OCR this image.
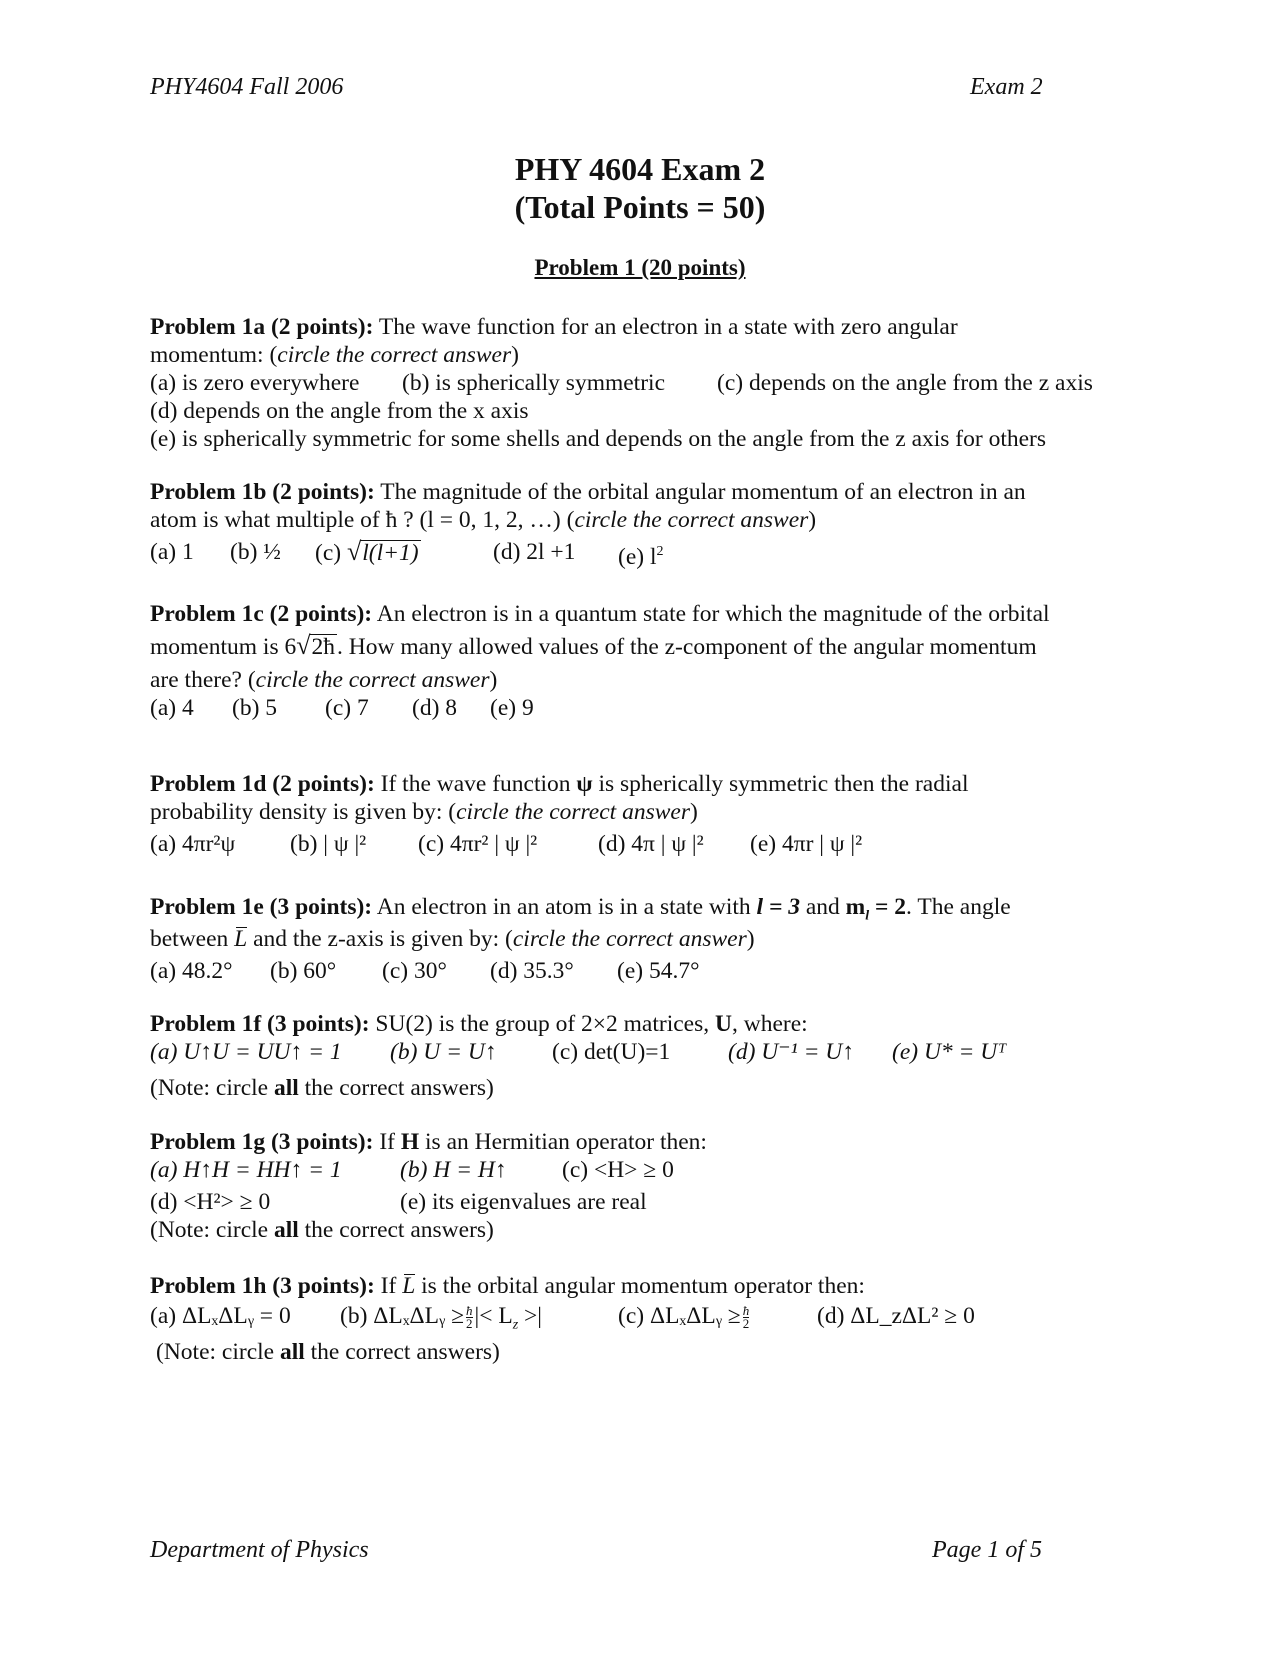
PHY4604 Fall 2006	Exam 2
PHY 4604 Exam 2
(Total Points = 50)
Problem 1 (20 points)
Problem 1a (2 points): The wave function for an electron in a state with zero angular
momentum: (circle the correct answer)
(a) is zero everywhere (b) is spherically symmetric (c) depends on the angle from the z axis
(d) depends on the angle from the x axis
(e) is spherically symmetric for some shells and depends on the angle from the z axis for others
Problem 1b (2 points): The magnitude of the orbital angular momentum of an electron in an
atom is what multiple of ħ ? (l = 0, 1, 2, …) (circle the correct answer)
(a) 1 (b) ½ (c) √l(l+1)	(d) 2l +1 (e) $l^2$
Problem 1c (2 points): An electron is in a quantum state for which the magnitude of the orbital
momentum is 6√2ħ. How many allowed values of the z-component of the angular momentum
are there? (circle the correct answer)
(a) 4 (b) 5 (c) 7 (d) 8 (e) 9
Problem 1d (2 points): If the wave function ψ is spherically symmetric then the radial
probability density is given by: (circle the correct answer)
(a) 4πr²ψ (b) | ψ |² (c) 4πr² | ψ |²	(d) 4π | ψ |² (e) 4πr | ψ |²
Problem 1e (3 points): An electron in an atom is in a state with l = 3 and $m_l = 2$. The angle
between L and the z-axis is given by: (circle the correct answer)
(a) 48.2° (b) 60° (c) 30° (d) 35.3° (e) 54.7°
Problem 1f (3 points): SU(2) is the group of 2×2 matrices, U, where:
(a) U↑U = UU↑ = 1 (b) U = U↑ (c) det(U)=1 (d) U⁻¹ = U↑ (e) U* = Uᵀ
(Note: circle all the correct answers)
Problem 1g (3 points): If H is an Hermitian operator then:
(a) H↑H = HH↑ = 1 (b) H = H↑ (c) <H> ≥ 0
(d) <H²> ≥ 0	(e) its eigenvalues are real
(Note: circle all the correct answers)
Problem 1h (3 points): If L is the orbital angular momentum operator then:
(a) ΔLₓΔLᵧ = 0 (b) ΔLₓΔLᵧ ≥ $\frac{ħ}{2}$ |< $L_z$ >|	(c) ΔLₓΔLᵧ ≥ $\frac{ħ}{2}$	(d) ΔL_zΔL² ≥ 0
(Note: circle all the correct answers)
Department of Physics	Page 1 of 5
